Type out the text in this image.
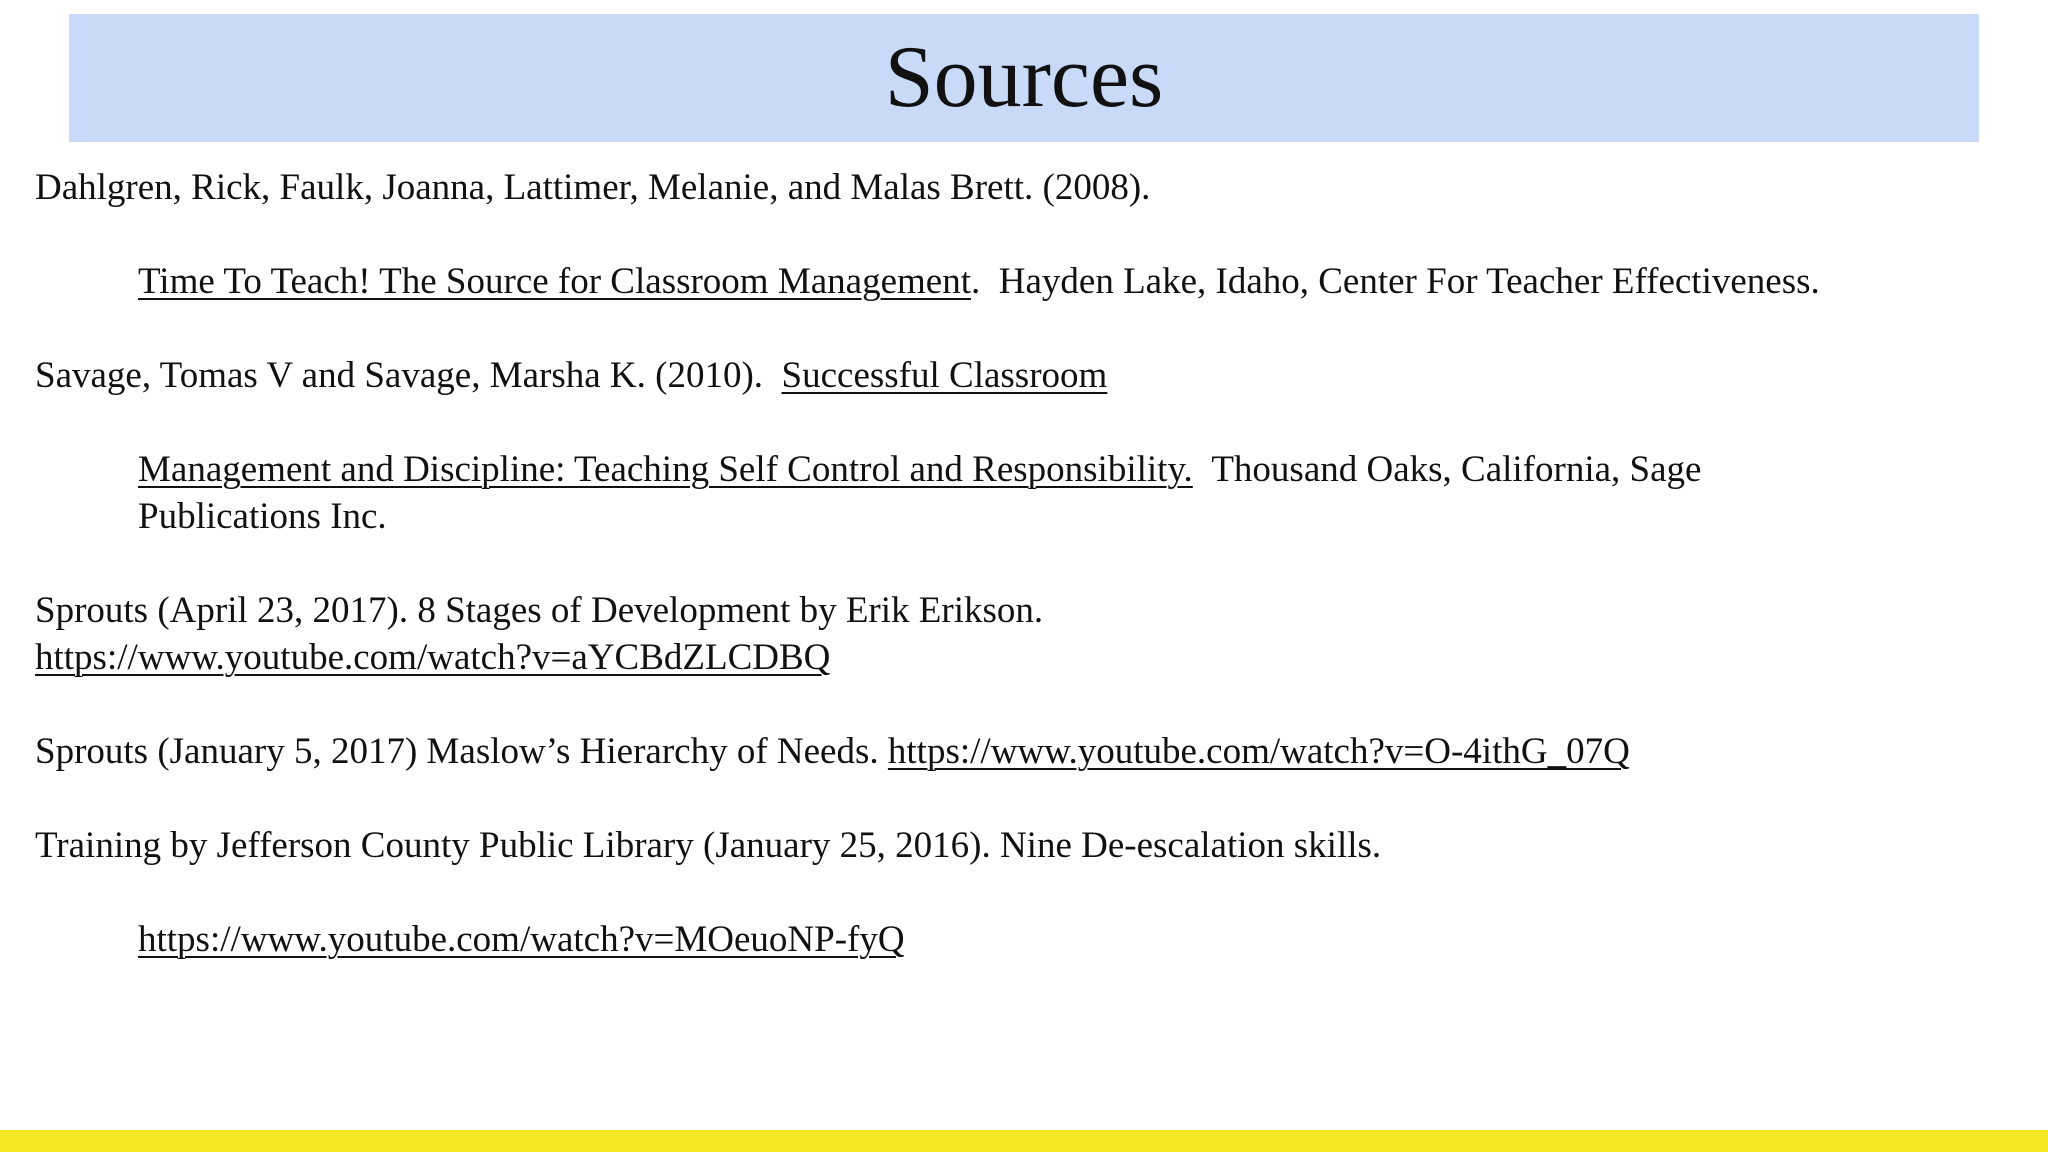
Sources

Dahlgren, Rick, Faulk, Joanna, Lattimer, Melanie, and Malas Brett. (2008).

Time To Teach! The Source for Classroom Management. Hayden Lake, Idaho, Center For Teacher Effectiveness.

Savage, Tomas V and Savage, Marsha K. (2010). Successful Classroom

Management and Discipline: Teaching Self Control and Responsibility. Thousand Oaks, California, Sage

Publications Inc.

Sprouts (April 23, 2017). 8 Stages of Development by Erik Erikson.

https://www.youtube.com/watch?v=aYCBdZLCDBQ

Sprouts (January 5, 2017) Maslow’s Hierarchy of Needs. https://www.youtube.com/watch?v=O-4ithG_07Q

Training by Jefferson County Public Library (January 25, 2016). Nine De-escalation skills.

https://www.youtube.com/watch?v=MOeuoNP-fyQ
